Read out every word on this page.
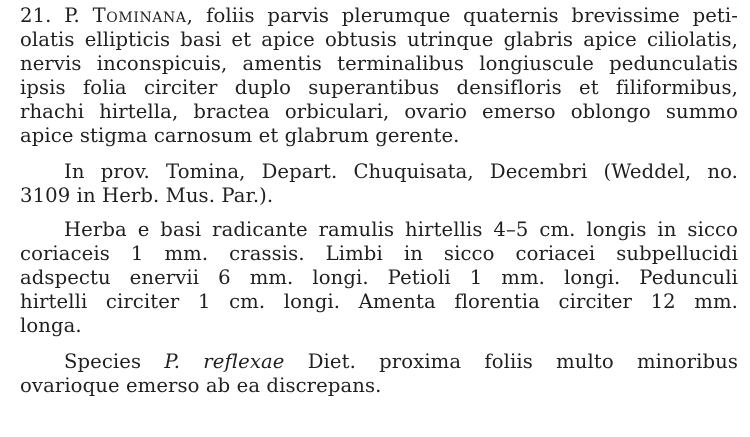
21. P. Tominana, foliis parvis plerumque quaternis brevissime peti-
olatis ellipticis basi et apice obtusis utrinque glabris apice ciliolatis,
nervis inconspicuis, amentis terminalibus longiuscule pedunculatis
ipsis folia circiter duplo superantibus densifloris et filiformibus,
rhachi hirtella, bractea orbiculari, ovario emerso oblongo summo
apice stigma carnosum et glabrum gerente.
In prov. Tomina, Depart. Chuquisata, Decembri (Weddel, no.
3109 in Herb. Mus. Par.).
Herba e basi radicante ramulis hirtellis 4–5 cm. longis in sicco
coriaceis 1 mm. crassis. Limbi in sicco coriacei subpellucidi
adspectu enervii 6 mm. longi. Petioli 1 mm. longi. Pedunculi
hirtelli circiter 1 cm. longi. Amenta florentia circiter 12 mm.
longa.
Species P. reflexae Diet. proxima foliis multo minoribus
ovarioque emerso ab ea discrepans.
